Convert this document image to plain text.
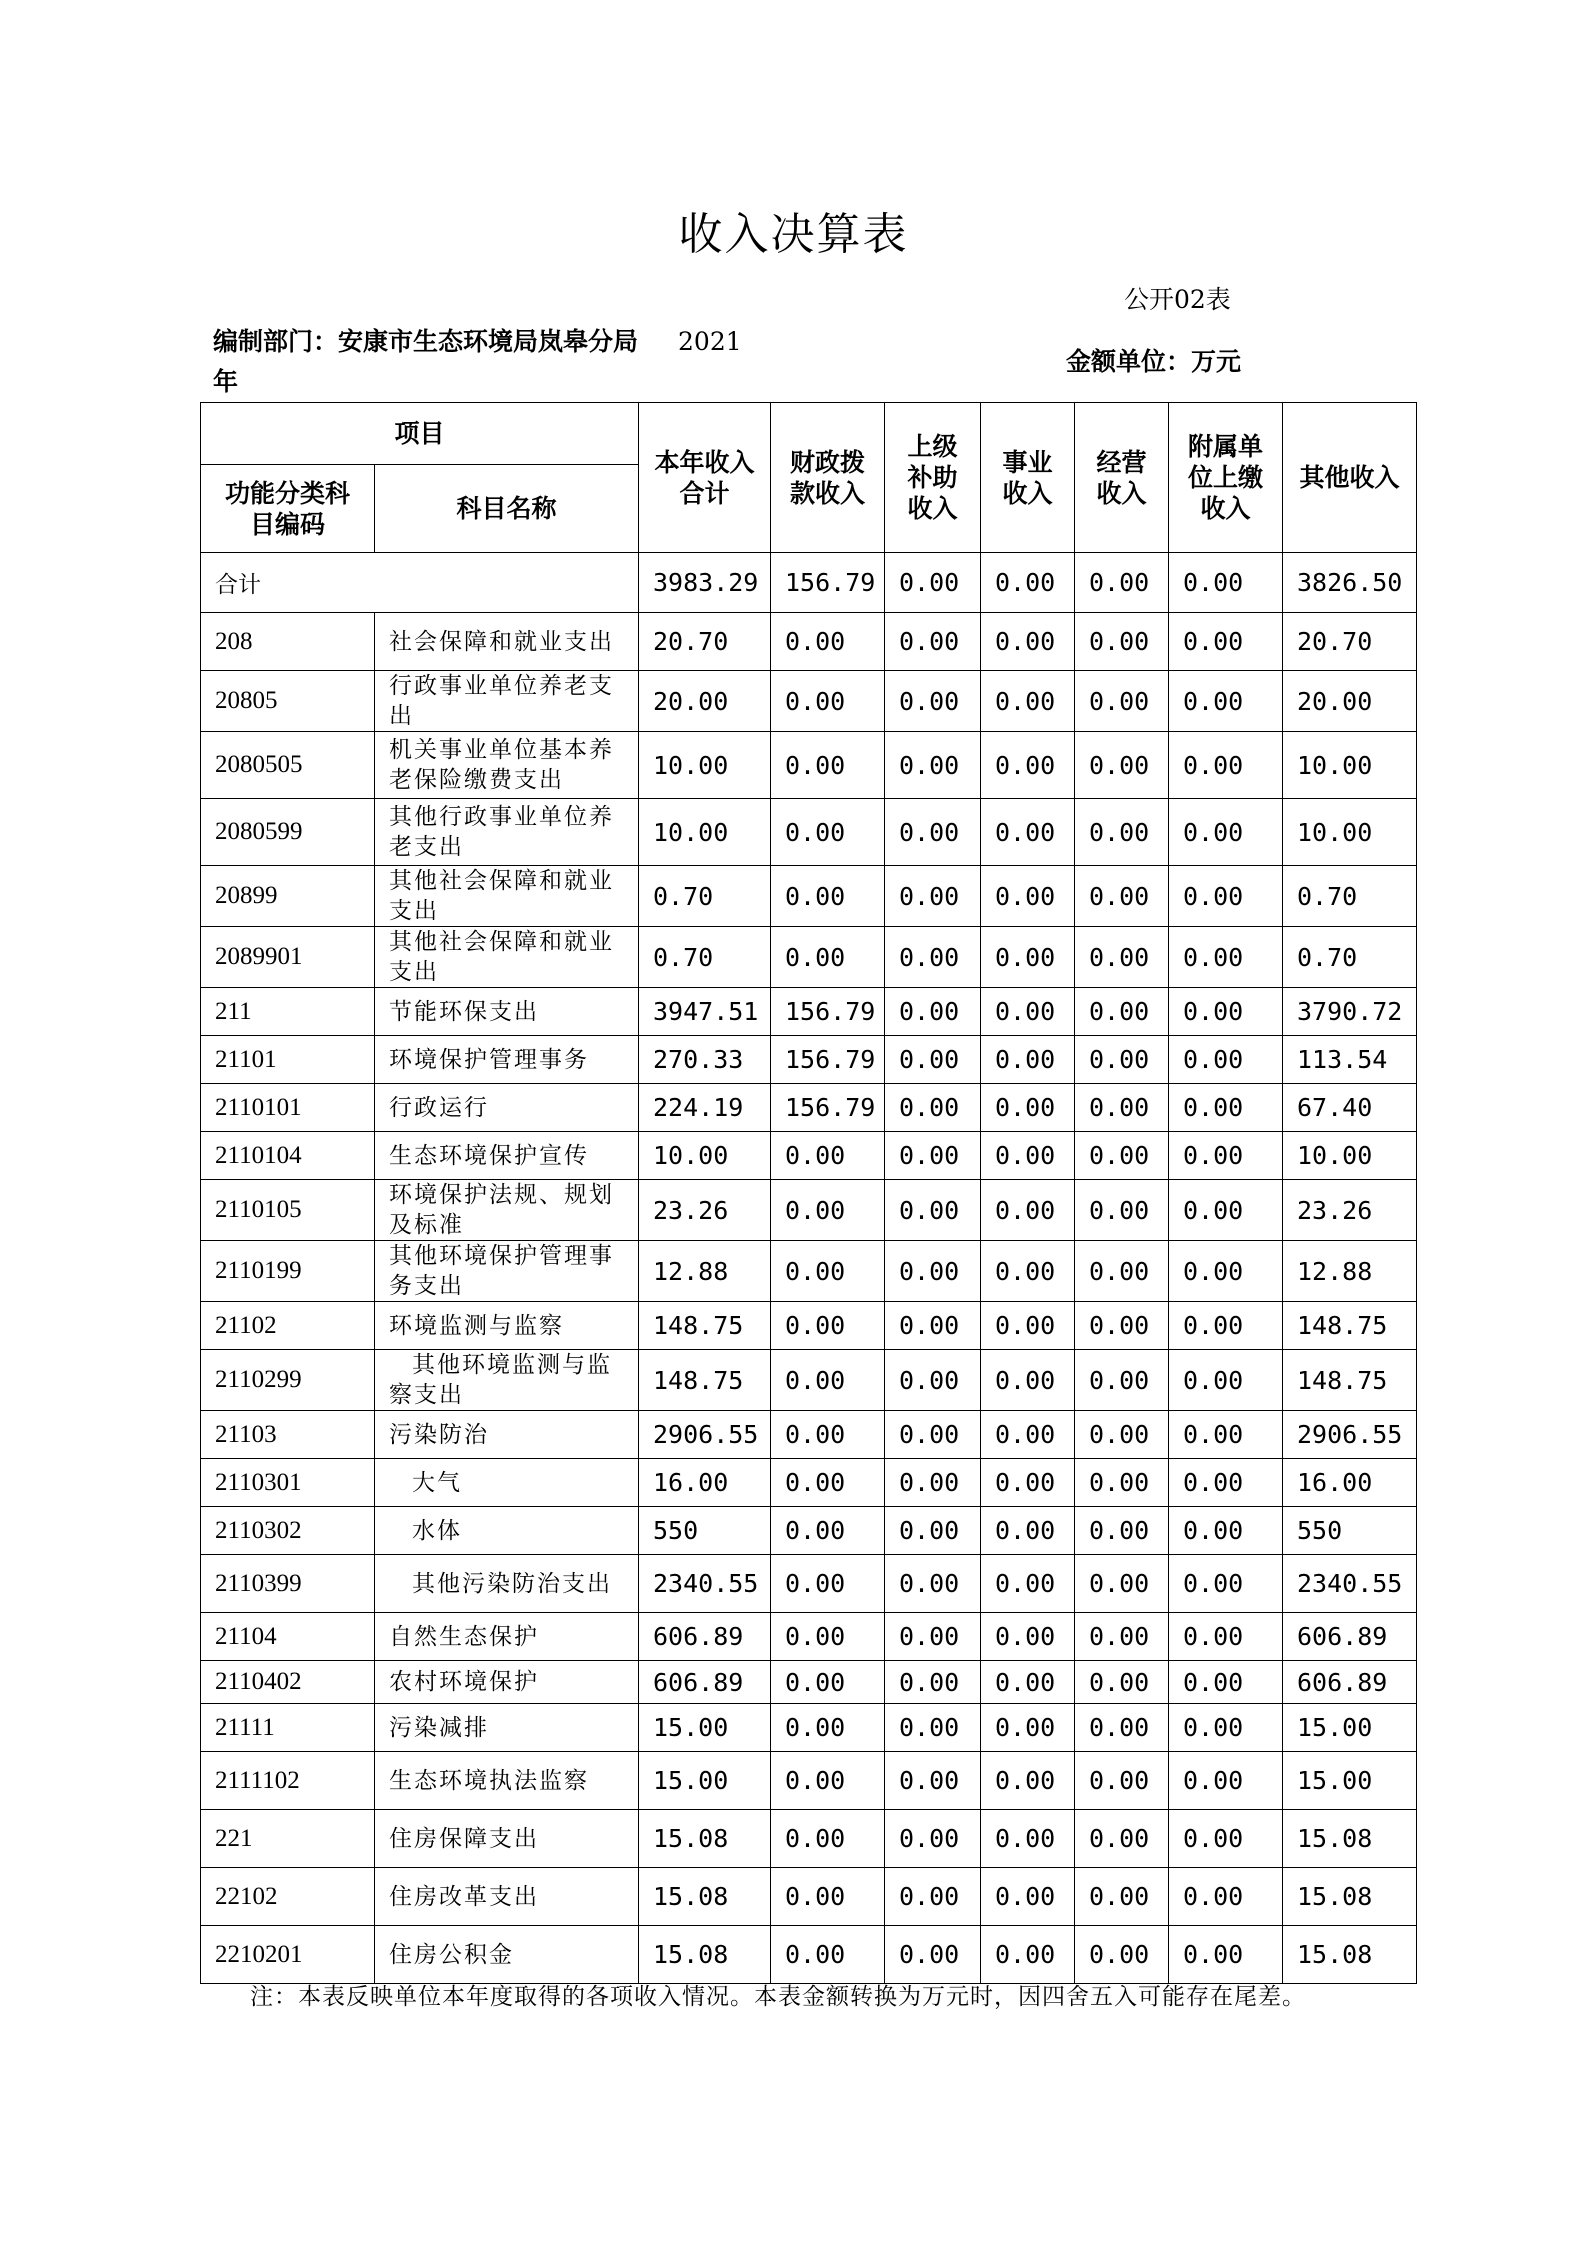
收入决算表
公开02表
编制部门：安康市生态环境局岚皋分局 2021
年
金额单位：万元
项目		本年收入合计	财政拨款收入	上级补助收入	事业收入	经营收入	附属单位上缴收入	其他收入

功能分类科目编码	科目名称							
合计		3983.29	156.79	0.00	0.00	0.00	0.00	3826.50
208	社会保障和就业支出	20.70	0.00	0.00	0.00	0.00	0.00	20.70
20805	行政事业单位养老支出	20.00	0.00	0.00	0.00	0.00	0.00	20.00
2080505	机关事业单位基本养老保险缴费支出	10.00	0.00	0.00	0.00	0.00	0.00	10.00
2080599	其他行政事业单位养老支出	10.00	0.00	0.00	0.00	0.00	0.00	10.00
20899	其他社会保障和就业支出	0.70	0.00	0.00	0.00	0.00	0.00	0.70
2089901	其他社会保障和就业支出	0.70	0.00	0.00	0.00	0.00	0.00	0.70
211	节能环保支出	3947.51	156.79	0.00	0.00	0.00	0.00	3790.72
21101	环境保护管理事务	270.33	156.79	0.00	0.00	0.00	0.00	113.54
2110101	行政运行	224.19	156.79	0.00	0.00	0.00	0.00	67.40
2110104	生态环境保护宣传	10.00	0.00	0.00	0.00	0.00	0.00	10.00
2110105	环境保护法规、规划及标准	23.26	0.00	0.00	0.00	0.00	0.00	23.26
2110199	其他环境保护管理事务支出	12.88	0.00	0.00	0.00	0.00	0.00	12.88
21102	环境监测与监察	148.75	0.00	0.00	0.00	0.00	0.00	148.75
2110299	其他环境监测与监察支出	148.75	0.00	0.00	0.00	0.00	0.00	148.75
21103	污染防治	2906.55	0.00	0.00	0.00	0.00	0.00	2906.55
2110301	大气	16.00	0.00	0.00	0.00	0.00	0.00	16.00
2110302	水体	550	0.00	0.00	0.00	0.00	0.00	550
2110399	其他污染防治支出	2340.55	0.00	0.00	0.00	0.00	0.00	2340.55
21104	自然生态保护	606.89	0.00	0.00	0.00	0.00	0.00	606.89
2110402	农村环境保护	606.89	0.00	0.00	0.00	0.00	0.00	606.89
21111	污染减排	15.00	0.00	0.00	0.00	0.00	0.00	15.00
2111102	生态环境执法监察	15.00	0.00	0.00	0.00	0.00	0.00	15.00
221	住房保障支出	15.08	0.00	0.00	0.00	0.00	0.00	15.08
22102	住房改革支出	15.08	0.00	0.00	0.00	0.00	0.00	15.08
2210201	住房公积金	15.08	0.00	0.00	0.00	0.00	0.00	15.08
注：本表反映单位本年度取得的各项收入情况。本表金额转换为万元时，因四舍五入可能存在尾差。
